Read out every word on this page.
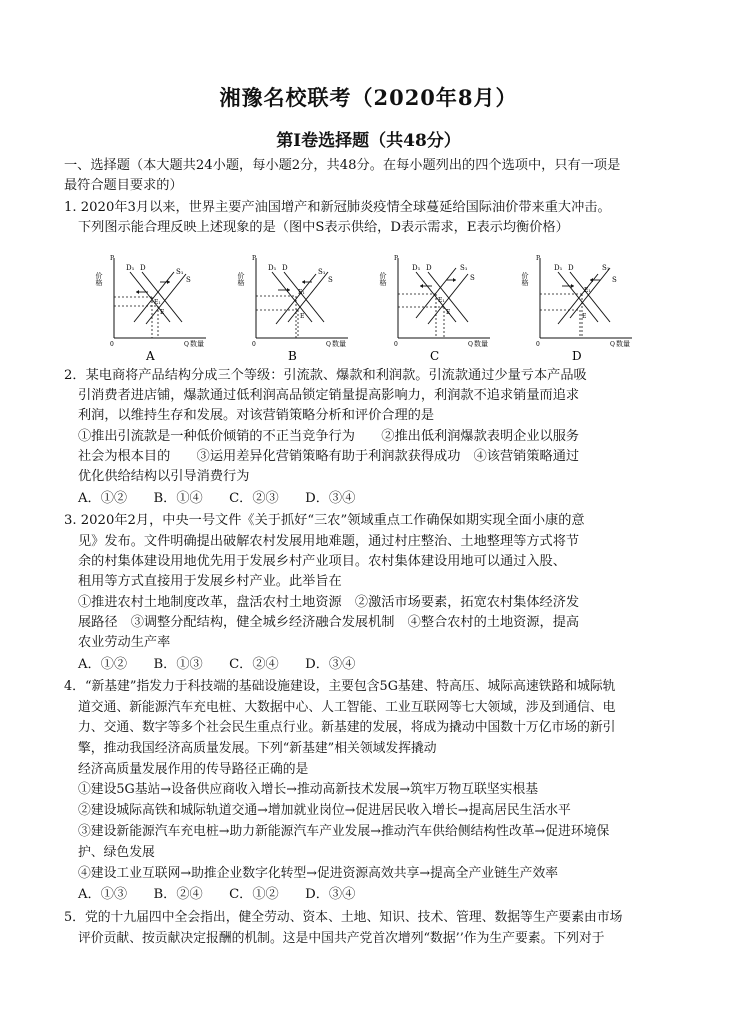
湘豫名校联考（2020年8月）
第Ⅰ卷选择题（共48分）
一、选择题（本大题共24小题，每小题2分，共48分。在每小题列出的四个选项中，只有一项是
最符合题目要求的）
1. 2020年3月以来，世界主要产油国增产和新冠肺炎疫情全球蔓延给国际油价带来重大冲击。
下列图示能合理反映上述现象的是（图中S表示供给，D表示需求，E表示均衡价格）
P
价格
0	Q 数量
D₁ D	S₁
S
E₁
E
A
P
价格
0	Q 数量
D₁ D	S₁
S
E₁
E
B
P
价格
0	Q 数量
D₁ D	S₁
S
E₁
E
C
P
价格
0	Q 数量
D₁ D	S₁
S
E₁
E
D
2．某电商将产品结构分成三个等级：引流款、爆款和利润款。引流款通过少量亏本产品吸
引消费者进店铺，爆款通过低利润高品锁定销量提高影响力，利润款不追求销量而追求
利润，以维持生存和发展。对该营销策略分析和评价合理的是
①推出引流款是一种低价倾销的不正当竞争行为　　②推出低利润爆款表明企业以服务
社会为根本目的　　③运用差异化营销策略有助于利润款获得成功　④该营销策略通过
优化供给结构以引导消费行为
A．①②　　B．①④　　C．②③　　D．③④
3. 2020年2月，中央一号文件《关于抓好“三农”领域重点工作确保如期实现全面小康的意
见》发布。文件明确提出破解农村发展用地难题，通过村庄整治、土地整理等方式将节
余的村集体建设用地优先用于发展乡村产业项目。农村集体建设用地可以通过入股、
租用等方式直接用于发展乡村产业。此举旨在
①推进农村土地制度改革，盘活农村土地资源　②激活市场要素，拓宽农村集体经济发
展路径　③调整分配结构，健全城乡经济融合发展机制　④整合农村的土地资源，提高
农业劳动生产率
A．①②　　B．①③　　C．②④　　D．③④
4．“新基建”指发力于科技端的基础设施建设，主要包含5G基建、特高压、城际高速铁路和城际轨
道交通、新能源汽车充电桩、大数据中心、人工智能、工业互联网等七大领域，涉及到通信、电
力、交通、数字等多个社会民生重点行业。新基建的发展，将成为撬动中国数十万亿市场的新引
擎，推动我国经济高质量发展。下列“新基建”相关领域发挥撬动
经济高质量发展作用的传导路径正确的是
①建设5G基站→设备供应商收入增长→推动高新技术发展→筑牢万物互联坚实根基
②建设城际高铁和城际轨道交通→增加就业岗位→促进居民收入增长→提高居民生活水平
③建设新能源汽车充电桩→助力新能源汽车产业发展→推动汽车供给侧结构性改革→促进环境保
护、绿色发展
④建设工业互联网→助推企业数字化转型→促进资源高效共享→提高全产业链生产效率
A．①③　　B．②④　　C．①②　　D．③④
5．党的十九届四中全会指出，健全劳动、资本、土地、知识、技术、管理、数据等生产要素由市场
评价贡献、按贡献决定报酬的机制。这是中国共产党首次增列“数据’’作为生产要素。下列对于
